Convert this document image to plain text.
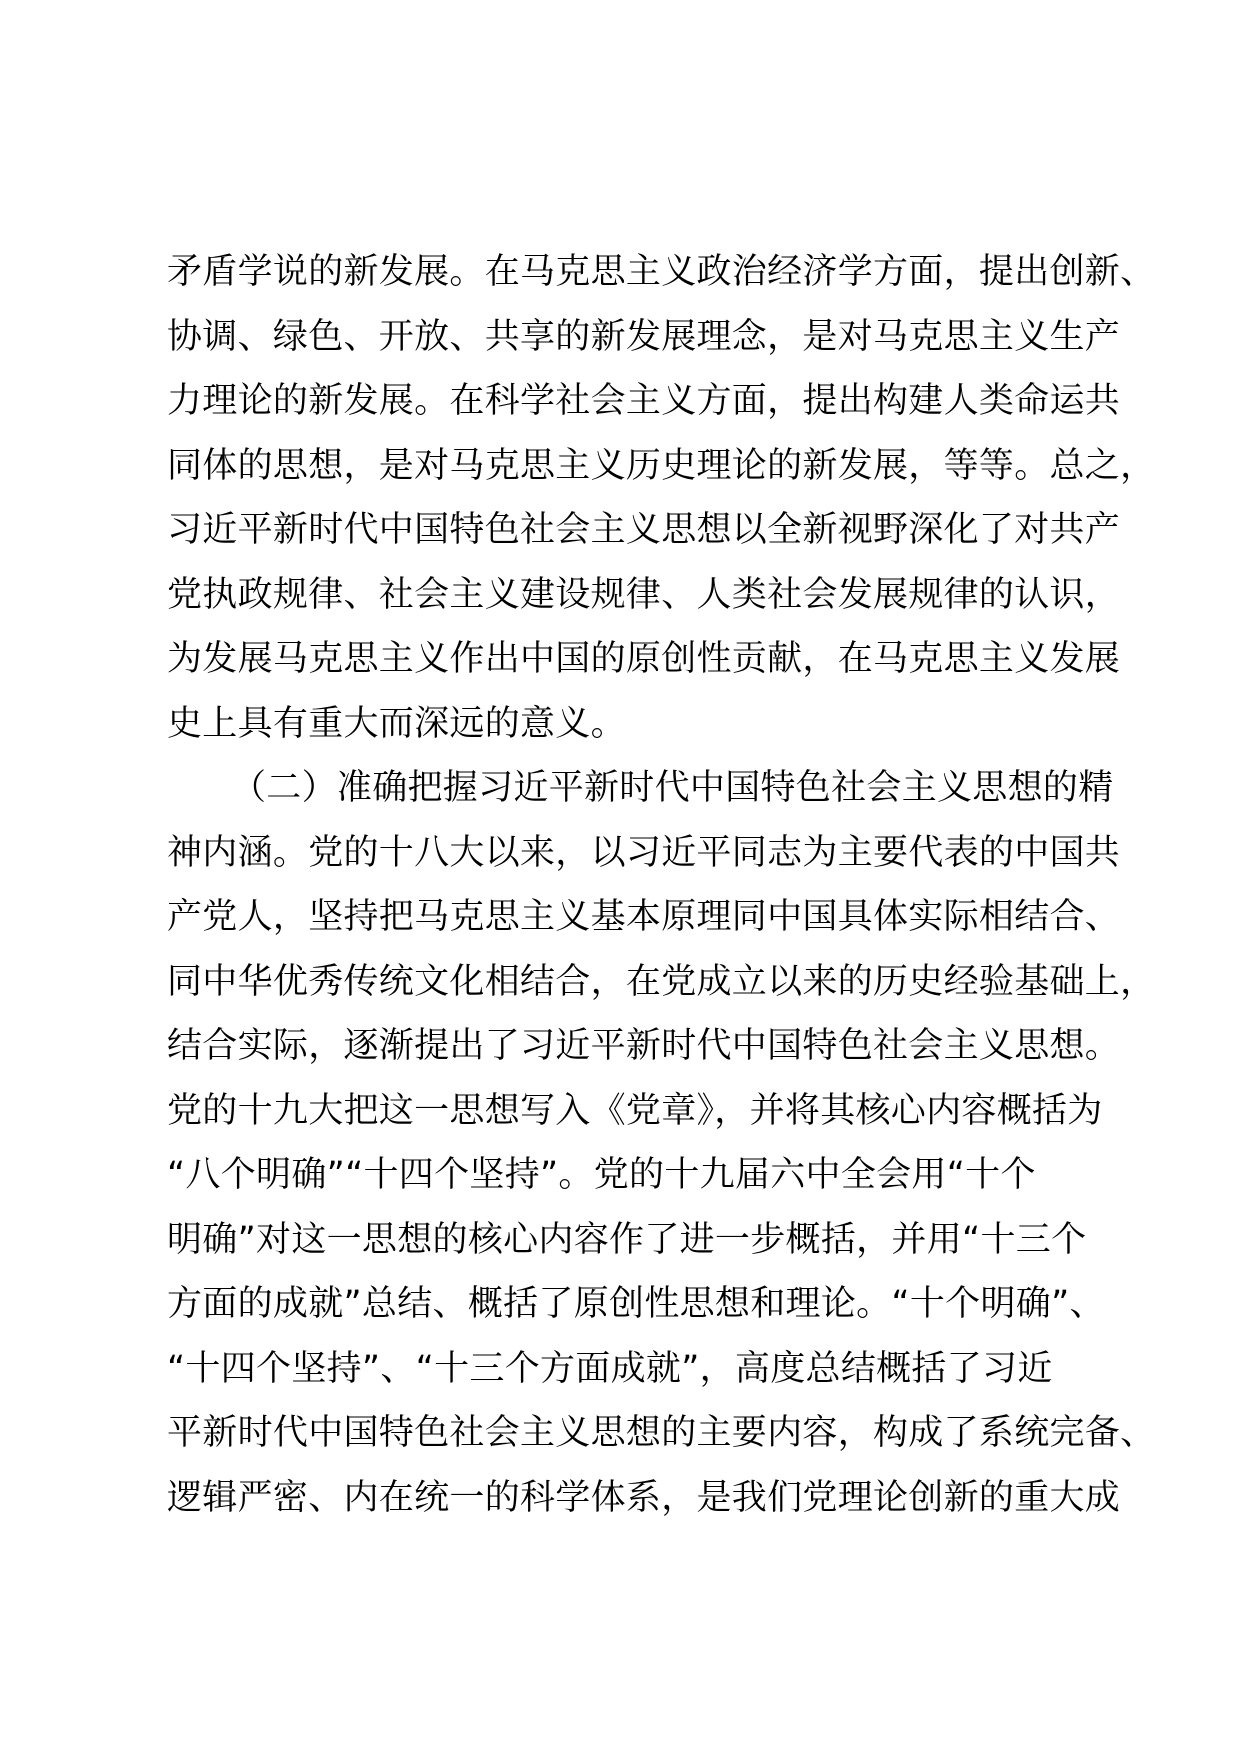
矛盾学说的新发展。在马克思主义政治经济学方面，提出创新、
协调、绿色、开放、共享的新发展理念，是对马克思主义生产
力理论的新发展。在科学社会主义方面，提出构建人类命运共
同体的思想，是对马克思主义历史理论的新发展，等等。总之，
习近平新时代中国特色社会主义思想以全新视野深化了对共产
党执政规律、社会主义建设规律、人类社会发展规律的认识，
为发展马克思主义作出中国的原创性贡献，在马克思主义发展
史上具有重大而深远的意义。
（二）准确把握习近平新时代中国特色社会主义思想的精
神内涵。党的十八大以来，以习近平同志为主要代表的中国共
产党人，坚持把马克思主义基本原理同中国具体实际相结合、
同中华优秀传统文化相结合，在党成立以来的历史经验基础上，
结合实际，逐渐提出了习近平新时代中国特色社会主义思想。
党的十九大把这一思想写入《党章》，并将其核心内容概括为
“八个明确”“十四个坚持”。党的十九届六中全会用“十个
明确”对这一思想的核心内容作了进一步概括，并用“十三个
方面的成就”总结、概括了原创性思想和理论。“十个明确”、
“十四个坚持”、“十三个方面成就”，高度总结概括了习近
平新时代中国特色社会主义思想的主要内容，构成了系统完备、
逻辑严密、内在统一的科学体系，是我们党理论创新的重大成
